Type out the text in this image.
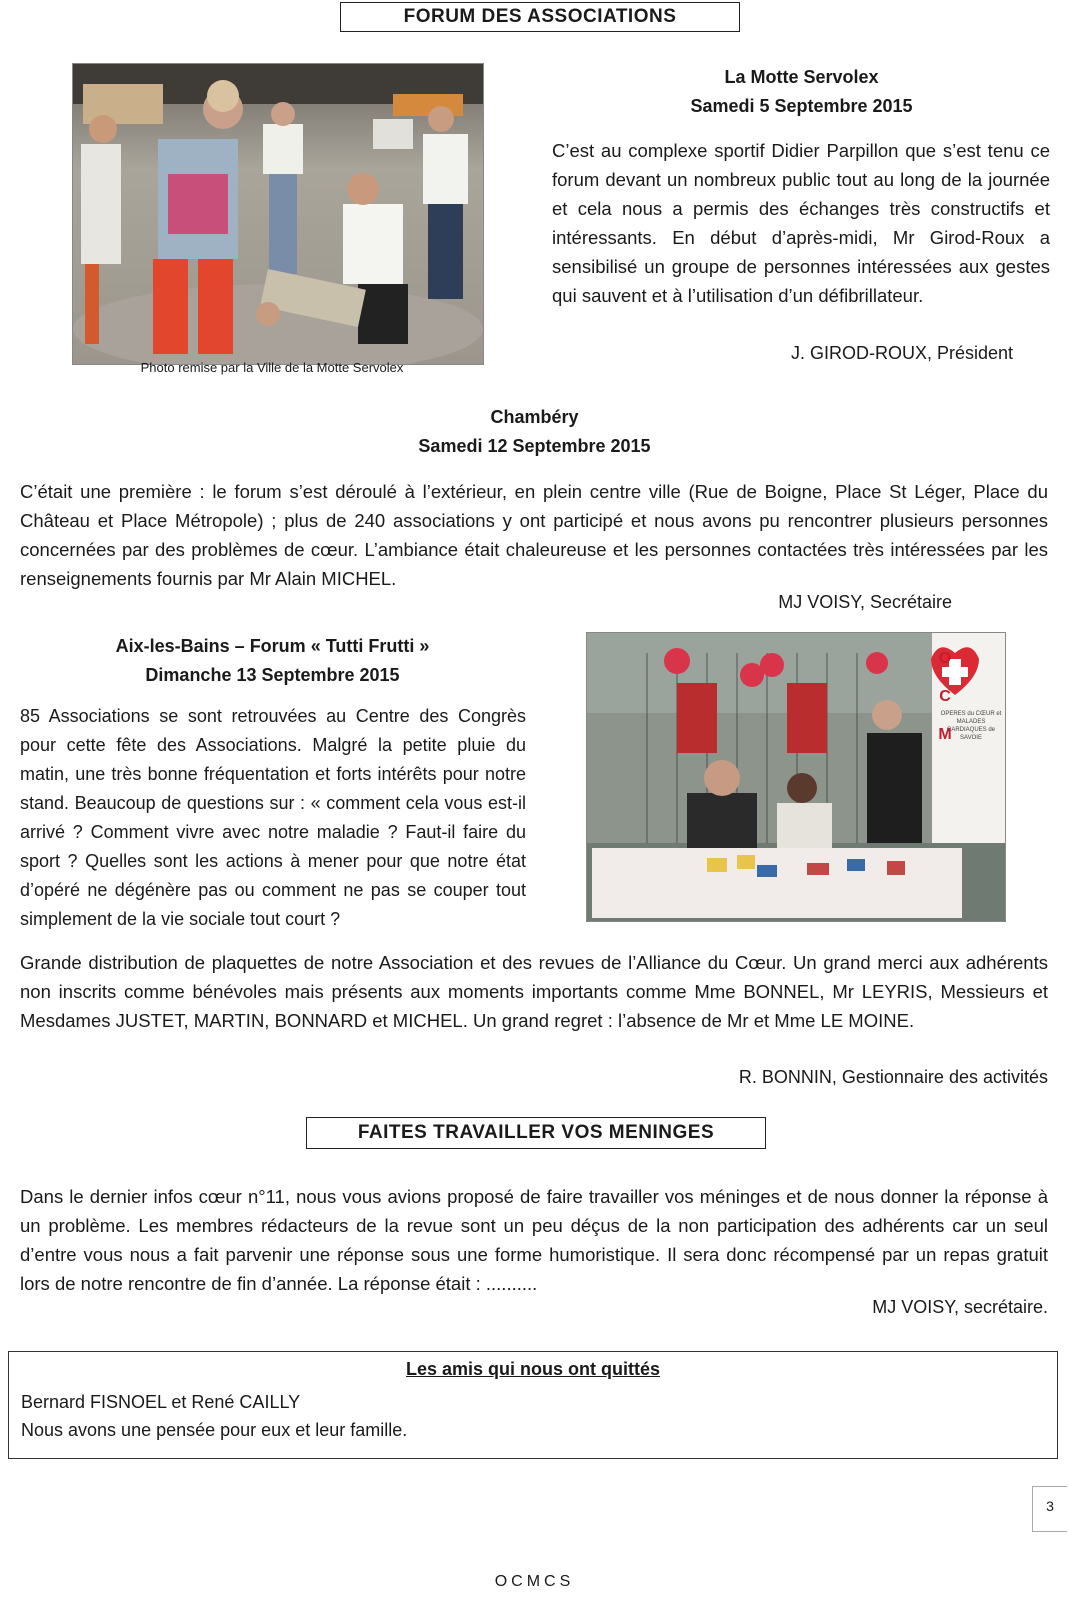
FORUM DES ASSOCIATIONS
Photo remise par la Ville de la Motte Servolex
La Motte Servolex
Samedi 5 Septembre 2015
C’est au complexe sportif Didier Parpillon que s’est tenu ce forum devant un nombreux public tout au long de la journée et cela nous a permis des échanges très constructifs et intéressants. En début d’après-midi, Mr Girod-Roux a sensibilisé un groupe de personnes intéressées aux gestes qui sauvent et à l’utilisation d’un défibrillateur.
J. GIROD-ROUX, Président
Chambéry
Samedi 12 Septembre 2015
C’était une première : le forum s’est déroulé à l’extérieur, en plein centre ville (Rue de Boigne, Place St Léger, Place du Château et Place Métropole) ; plus de 240 associations y ont participé et nous avons pu rencontrer plusieurs personnes concernées par des problèmes de cœur. L’ambiance était chaleureuse et les personnes contactées très intéressées par les renseignements fournis par Mr Alain MICHEL.
MJ VOISY, Secrétaire
Aix-les-Bains – Forum « Tutti Frutti »
Dimanche 13 Septembre 2015
85 Associations se sont retrouvées au Centre des Congrès pour cette fête des Associations. Malgré la petite pluie du matin, une très bonne fréquentation et forts intérêts pour notre stand. Beaucoup de questions sur : « comment cela vous est-il arrivé ? Comment vivre avec notre maladie ? Faut-il faire du sport ? Quelles sont les actions à mener pour que notre état d’opéré ne dégénère pas ou comment ne pas se couper tout simplement de la vie sociale tout court ?
O
C
M
OPERES du CŒUR et MALADES CARDIAQUES de SAVOIE
Grande distribution de plaquettes de notre Association et des revues de l’Alliance du Cœur. Un grand merci aux adhérents non inscrits comme bénévoles mais présents aux moments importants comme Mme BONNEL, Mr LEYRIS, Messieurs et Mesdames JUSTET, MARTIN, BONNARD et MICHEL. Un grand regret : l’absence de Mr et Mme LE MOINE.
R. BONNIN, Gestionnaire des activités
FAITES TRAVAILLER VOS MENINGES
Dans le dernier infos cœur n°11, nous vous avions proposé de faire travailler vos méninges et de nous donner la réponse à un problème. Les membres rédacteurs de la revue sont un peu déçus de la non participation des adhérents car un seul d’entre vous nous a fait parvenir une réponse sous une forme humoristique. Il sera donc récompensé par un repas gratuit lors de notre rencontre de fin d’année. La réponse était : ..........
MJ VOISY, secrétaire.
Les amis qui nous ont quittés
Bernard FISNOEL et René CAILLY
Nous avons une pensée pour eux et leur famille.
3
OCMCS
